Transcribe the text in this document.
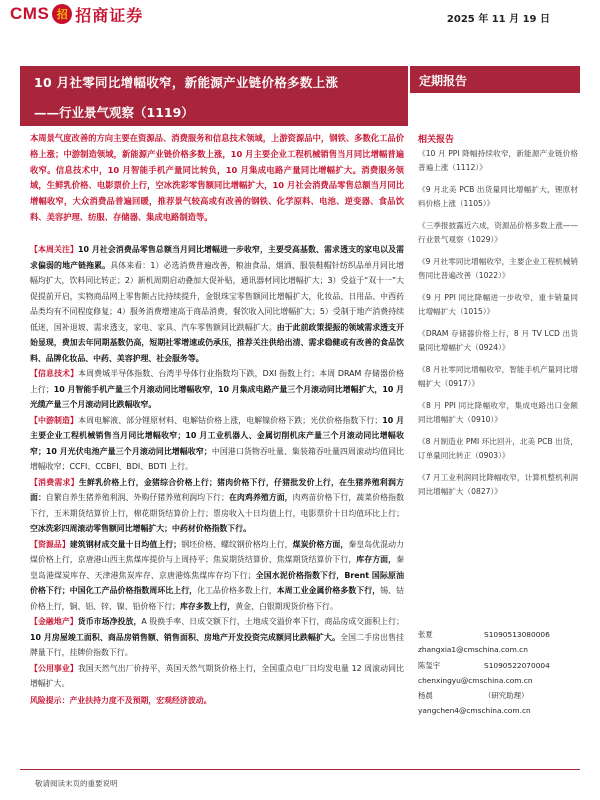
CMS 招 招商证券	2025 年 11 月 19 日
10 月社零同比增幅收窄，新能源产业链价格多数上涨
——行业景气观察（1119）
定期报告
本周景气度改善的方向主要在资源品、消费服务和信息技术领域，上游资源品中，钢铁、多数化工品价格上涨；中游制造领域，新能源产业链价格多数上涨，10 月主要企业工程机械销售当月同比增幅普遍收窄。信息技术中，10 月智能手机产量同比转负，10 月集成电路产量同比增幅扩大。消费服务领域，生鲜乳价格、电影票价上行，空冰洗彩零售额同比增幅扩大，10 月社会消费品零售总额当月同比增幅收窄，大众消费品普遍回暖，推荐景气较高或有改善的钢铁、化学原料、电池、逆变器、食品饮料、美容护理、纺服、存储器、集成电路制造等。
【本周关注】10 月社会消费品零售总额当月同比增幅进一步收窄，主要受高基数、需求透支的家电以及需求偏弱的地产链拖累。具体来看：1）必选消费普遍改善，粮油食品、烟酒、服装鞋帽针纺织品单月同比增幅均扩大，饮料同比转正；2）新机周期启动叠加大促补贴，通讯器材同比增幅扩大；3）受益于“双十一”大促提前开启，实物商品网上零售额占比持续提升，金银珠宝零售额同比增幅扩大，化妆品、日用品、中西药品类均有不同程度修复；4）服务消费增速高于商品消费，餐饮收入同比增幅扩大；5）受制于地产消费持续低迷，国补退坡、需求透支，家电、家具、汽车零售额同比跌幅扩大。由于此前政策提振的领域需求透支开始显现，费加去年同期基数仍高，短期社零增速或仍承压，推荐关注供给出清、需求稳健或有改善的食品饮料、品牌化妆品、中药、美容护理、社会服务等。
【信息技术】本周费城半导体指数、台湾半导体行业指数均下跌，DXI 指数上行；本周 DRAM 存储器价格上行；10 月智能手机产量三个月滚动同比增幅收窄，10 月集成电路产量三个月滚动同比增幅扩大，10 月光缆产量三个月滚动同比跌幅收窄。
【中游制造】本周电解液、部分锂原材料、电解钴价格上涨，电解镍价格下跌；光伏价格指数下行；10 月主要企业工程机械销售当月同比增幅收窄；10 月工业机器人、金属切削机床产量三个月滚动同比增幅收窄；10 月光伏电池产量三个月滚动同比增幅收窄；中国港口货物吞吐量、集装箱吞吐量四周滚动均值同比增幅收窄；CCFI、CCBFI、BDI、BDTI 上行。
【消费需求】生鲜乳价格上行，金猪综合价格上行；猪肉价格下行，仔猪批发价上行，在生猪养殖利润方面：自繁自养生猪养殖利润、外购仔猪养殖利润均下行；在肉鸡养殖方面，肉鸡苗价格下行，蔬菜价格指数下行，玉米期货结算价上行，棉花期货结算价上行；票房收入十日均值上行，电影票价十日均值环比上行；空冰洗彩四周滚动零售额同比增幅扩大；中药材价格指数下行。
【资源品】建筑钢材成交量十日均值上行；钢坯价格、螺纹钢价格均上行，煤炭价格方面，秦皇岛优混动力煤价格上行，京唐港山西主焦煤库提价与上周持平；焦炭期货结算价、焦煤期货结算价下行，库存方面，秦皇岛港煤炭库存、天津港焦炭库存、京唐港炼焦煤库存均下行；全国水泥价格指数下行，Brent 国际原油价格下行；中国化工产品价格指数周环比上行，化工品价格多数上行，本周工业金属价格多数下行，锡、钴价格上行，铜、铝、锌、镍、铅价格下行；库存多数上行，黄金、白银期现货价格下行。
【金融地产】货币市场净投放，A 股换手率、日成交额下行，土地成交溢价率下行，商品房成交面积上行；10 月房屋竣工面积、商品房销售额、销售面积、房地产开发投资完成额同比跌幅扩大。全国二手房出售挂牌量下行，挂牌价指数下行。
【公用事业】我国天然气出厂价持平，英国天然气期货价格上行，全国重点电厂日均发电量 12 周滚动同比增幅扩大。
风险提示：产业扶持力度不及预期，宏观经济波动。
相关报告
《10 月 PPI 降幅持续收窄，新能源产业链价格普遍上涨（1112）》
《9 月北美 PCB 出货量同比增幅扩大，锂原材料价格上涨（1105）》
《三季报披露近六成，资源品价格多数上涨——行业景气观察（1029）》
《9 月社零同比增幅收窄，主要企业工程机械销售同比普遍改善（1022）》
《9 月 PPI 同比降幅进一步收窄，重卡销量同比增幅扩大（1015）》
《DRAM 存储器价格上行，8 月 TV LCD 出货量同比增幅扩大（0924）》
《8 月社零同比增幅收窄，智能手机产量同比增幅扩大（0917）》
《8 月 PPI 同比降幅收窄，集成电路出口金额同比增幅扩大（0910）》
《8 月制造业 PMI 环比回升，北美 PCB 出货，订单量同比转正（0903）》
《7 月工业利润同比降幅收窄，计算机整机利润同比增幅扩大（0827）》
张夏	S1090513080006
zhangxia1@cmschina.com.cn
陈玺宇	S1090522070004
chenxingyu@cmschina.com.cn
杨晨	（研究助理）
yangchen4@cmschina.com.cn
敬请阅读末页的重要说明
